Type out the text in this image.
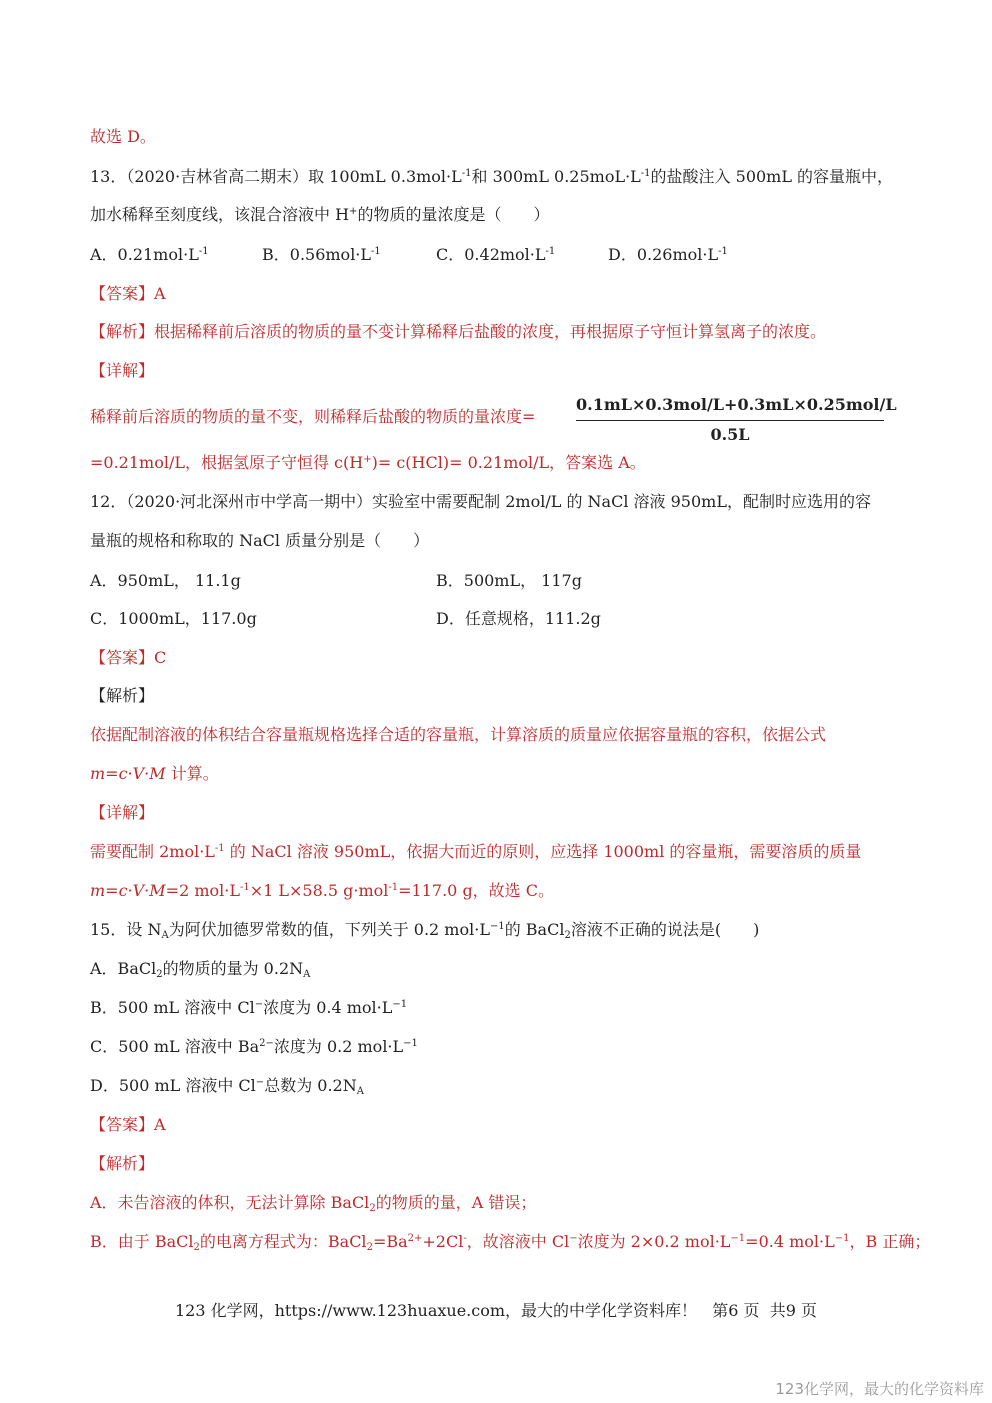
故选 D。
13．（2020·吉林省高二期末）取 100mL $0.3mol\cdot L^{-1}$和 300mL $0.25moL\cdot L^{-1}$的盐酸注入 500mL 的容量瓶中，
加水稀释至刻度线，该混合溶液中 H+的物质的量浓度是（　　）
A．$0.21mol\cdot L^{-1}$	B．$0.56mol\cdot L^{-1}$	C．$0.42mol\cdot L^{-1}$	D．$0.26mol\cdot L^{-1}$
【答案】A
【解析】根据稀释前后溶质的物质的量不变计算稀释后盐酸的浓度，再根据原子守恒计算氢离子的浓度。
【详解】
稀释前后溶质的物质的量不变，则稀释后盐酸的物质的量浓度=
0.1mL×0.3mol/L+0.3mL×0.25mol/L
0.5L
=0.21mol/L，根据氢原子守恒得 c(H+)= c(HCl)= 0.21mol/L，答案选 A。
12．（2020·河北深州市中学高一期中）实验室中需要配制 2mol/L 的 NaCl 溶液 950mL，配制时应选用的容
量瓶的规格和称取的 NaCl 质量分别是（　　）
A．950mL， 11.1g	B．500mL， 117g
C．1000mL，117.0g	D．任意规格，111.2g
【答案】C
【解析】
依据配制溶液的体积结合容量瓶规格选择合适的容量瓶，计算溶质的质量应依据容量瓶的容积，依据公式
m=c·V·M 计算。
【详解】
需要配制 $2mol\cdot L^{-1}$ 的 NaCl 溶液 950mL，依据大而近的原则，应选择 1000ml 的容量瓶，需要溶质的质量
m=c·V·M=2 $mol\cdot L^{-1}\times 1$ L×58.5 g·mol$^{-1}$=117.0 g，故选 C。
15．设 $N_A$为阿伏加德罗常数的值，下列关于 0.2 $mol\cdot L^{-1}$的 BaCl$_2$溶液不正确的说法是(　　)
A．BaCl$_2$的物质的量为 $0.2N_A$
B．500 mL 溶液中 Cl−浓度为 0.4 $mol\cdot L^{-1}$
C．500 mL 溶液中 $Ba^{2-}$浓度为 0.2 $mol\cdot L^{-1}$
D．500 mL 溶液中 Cl−总数为 $0.2N_A$
【答案】A
【解析】
A．未告溶液的体积，无法计算除 BaCl$_2$的物质的量，A 错误；
B．由于 BaCl$_2$的电离方程式为：$BaCl_2=Ba^{2+}+2Cl^-$，故溶液中 Cl−浓度为 2×0.2 $mol\cdot L^{-1}=0.4$ $mol\cdot L^{-1}$，B 正确；
123 化学网，https://www.123huaxue.com，最大的中学化学资料库！ 第6 页  共9 页
123化学网，最大的化学资料库
